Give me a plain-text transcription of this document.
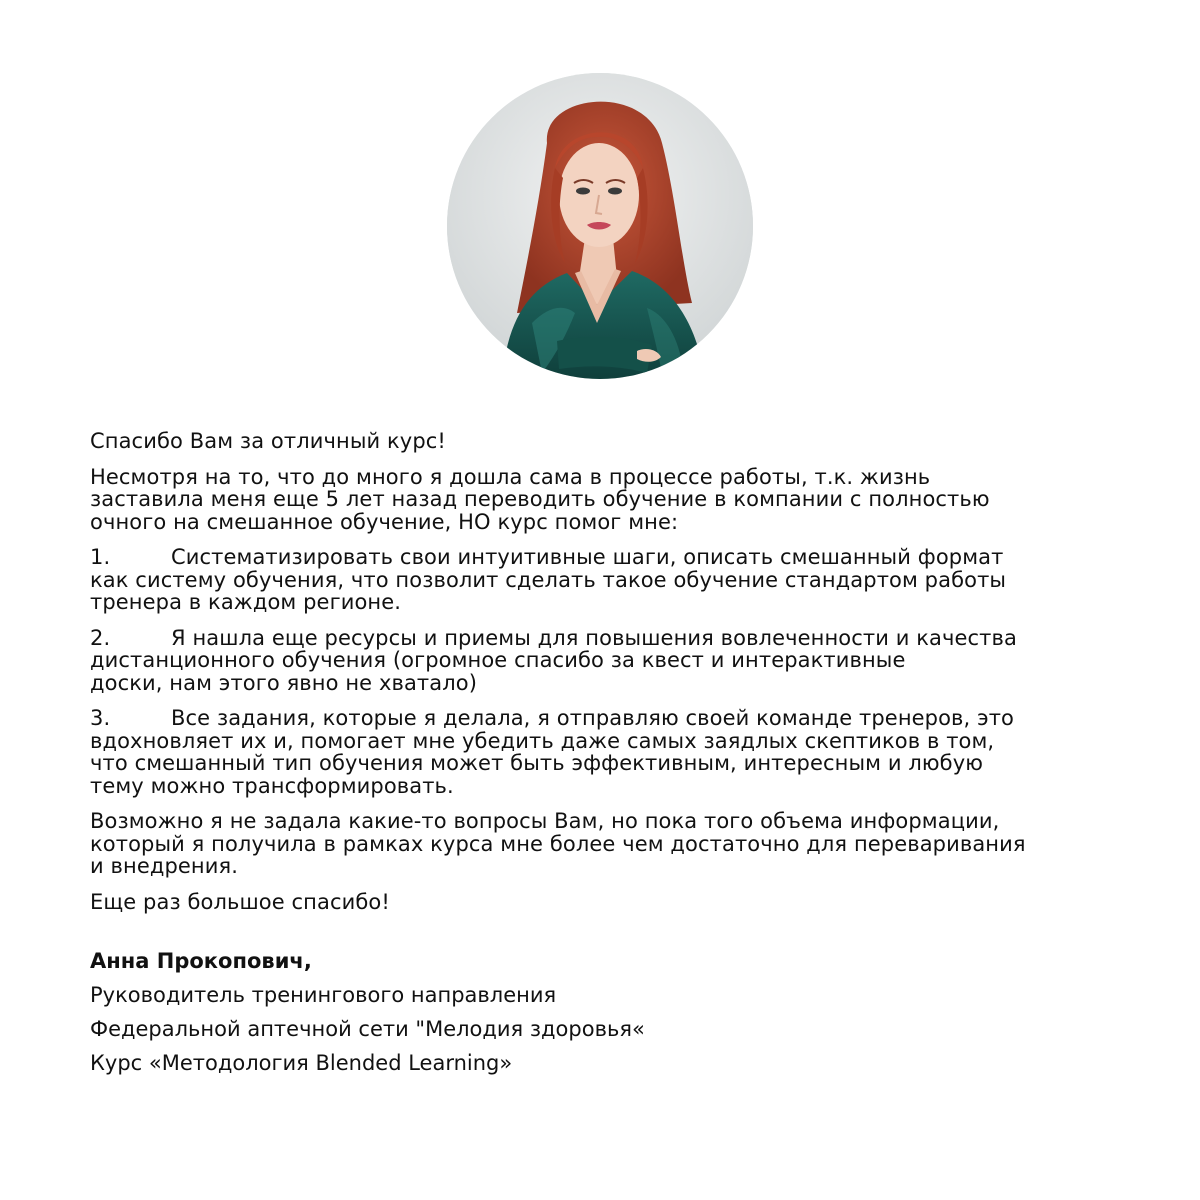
Спасибо Вам за отличный курс!

Несмотря на то, что до много я дошла сама в процессе работы, т.к. жизнь
заставила меня еще 5 лет назад переводить обучение в компании с полностью
очного на смешанное обучение, НО курс помог мне:

1.	Систематизировать свои интуитивные шаги, описать смешанный формат
как систему обучения, что позволит сделать такое обучение стандартом работы
тренера в каждом регионе.

2.	Я нашла еще ресурсы и приемы для повышения вовлеченности и качества
дистанционного обучения (огромное спасибо за квест и интерактивные
доски, нам этого явно не хватало)

3.	Все задания, которые я делала, я отправляю своей команде тренеров, это
вдохновляет их и, помогает мне убедить даже самых заядлых скептиков в том,
что смешанный тип обучения может быть эффективным, интересным и любую
тему можно трансформировать.

Возможно я не задала какие-то вопросы Вам, но пока того объема информации,
который я получила в рамках курса мне более чем достаточно для переваривания
и внедрения.

Еще раз большое спасибо!

Анна Прокопович,

Руководитель тренингового направления

Федеральной аптечной сети "Мелодия здоровья«

Курс «Методология Blended Learning»
